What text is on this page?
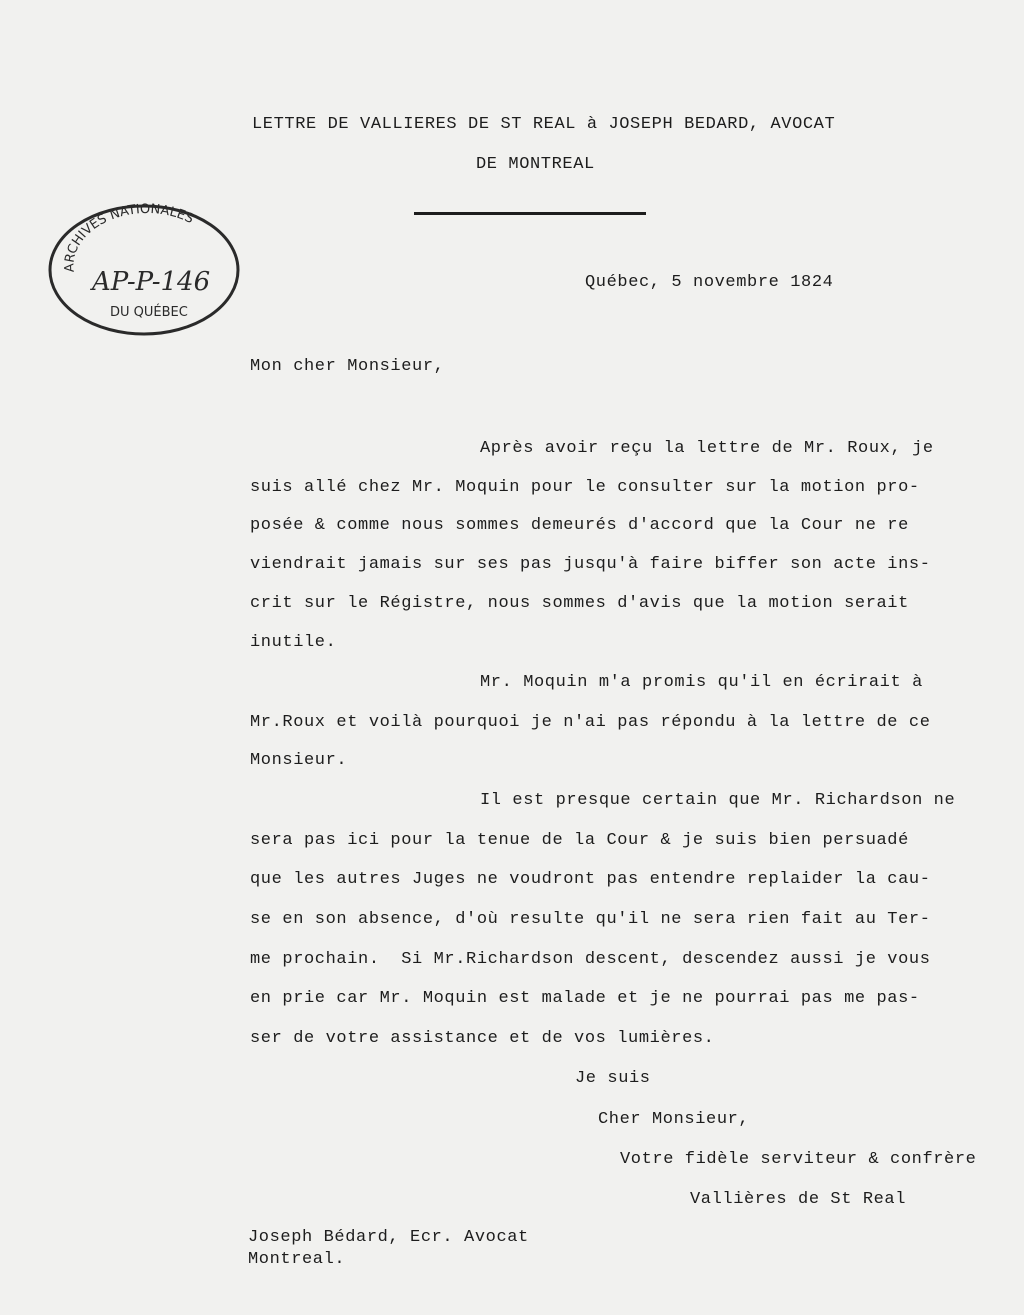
LETTRE DE VALLIERES DE ST REAL à JOSEPH BEDARD, AVOCAT

DE MONTREAL

ARCHIVES NATIONALES
AP-P-146
DU QUÉBEC

Québec, 5 novembre 1824

Mon cher Monsieur,

Après avoir reçu la lettre de Mr. Roux, je

suis allé chez Mr. Moquin pour le consulter sur la motion pro-

posée & comme nous sommes demeurés d'accord que la Cour ne re

viendrait jamais sur ses pas jusqu'à faire biffer son acte ins-

crit sur le Régistre, nous sommes d'avis que la motion serait

inutile.

Mr. Moquin m'a promis qu'il en écrirait à

Mr.Roux et voilà pourquoi je n'ai pas répondu à la lettre de ce

Monsieur.

Il est presque certain que Mr. Richardson ne

sera pas ici pour la tenue de la Cour & je suis bien persuadé

que les autres Juges ne voudront pas entendre replaider la cau-

se en son absence, d'où resulte qu'il ne sera rien fait au Ter-

me prochain.  Si Mr.Richardson descent, descendez aussi je vous

en prie car Mr. Moquin est malade et je ne pourrai pas me pas-

ser de votre assistance et de vos lumières.

Je suis

Cher Monsieur,

Votre fidèle serviteur & confrère

Vallières de St Real

Joseph Bédard, Ecr. Avocat

Montreal.
